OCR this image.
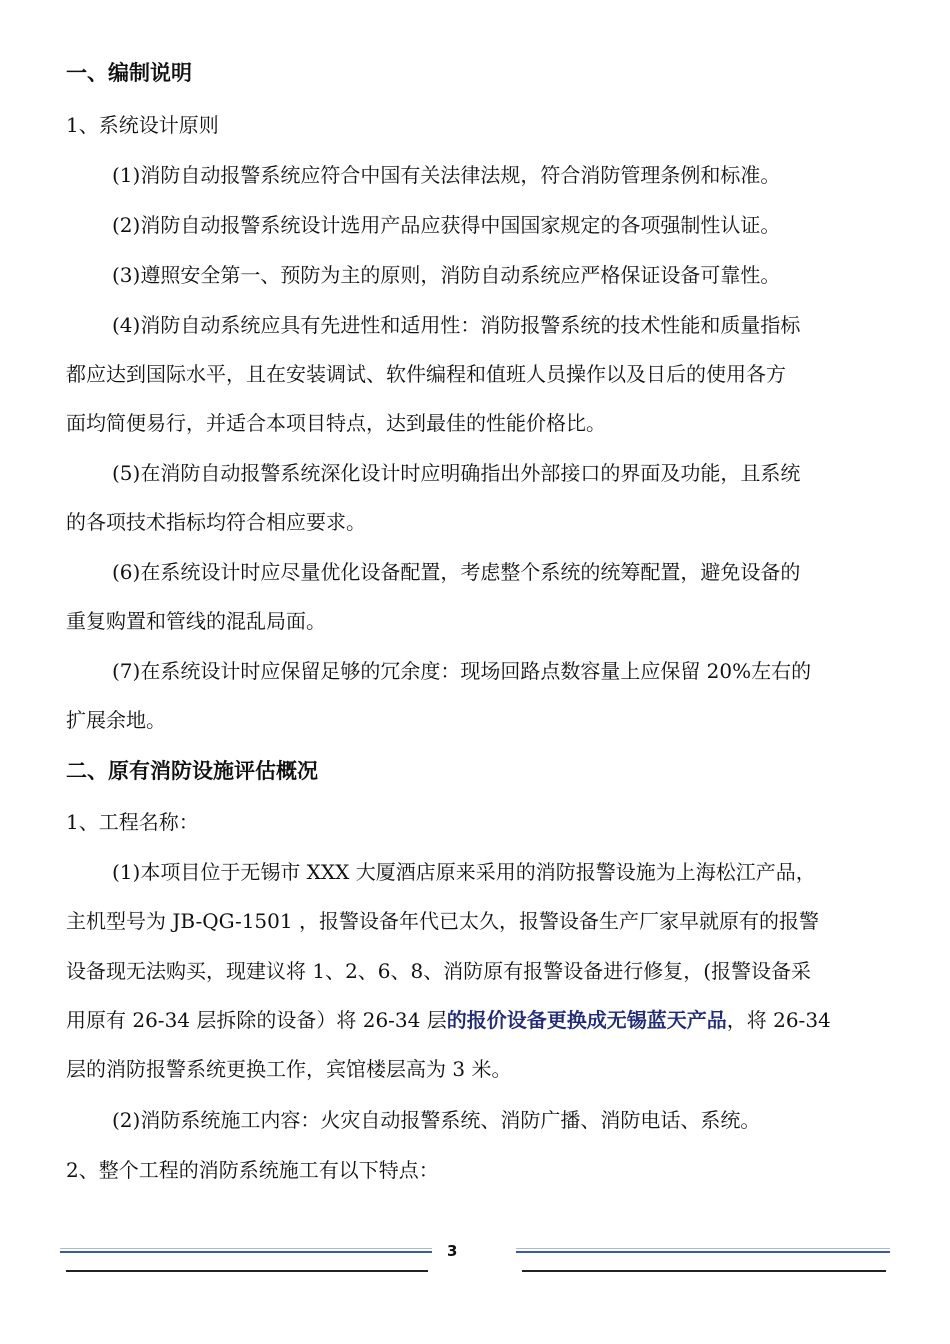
一、编制说明
1、系统设计原则
(1)消防自动报警系统应符合中国有关法律法规，符合消防管理条例和标准。
(2)消防自动报警系统设计选用产品应获得中国国家规定的各项强制性认证。
(3)遵照安全第一、预防为主的原则，消防自动系统应严格保证设备可靠性。
(4)消防自动系统应具有先进性和适用性：消防报警系统的技术性能和质量指标
都应达到国际水平，且在安装调试、软件编程和值班人员操作以及日后的使用各方
面均简便易行，并适合本项目特点，达到最佳的性能价格比。
(5)在消防自动报警系统深化设计时应明确指出外部接口的界面及功能，且系统
的各项技术指标均符合相应要求。
(6)在系统设计时应尽量优化设备配置，考虑整个系统的统筹配置，避免设备的
重复购置和管线的混乱局面。
(7)在系统设计时应保留足够的冗余度：现场回路点数容量上应保留 20%左右的
扩展余地。
二、原有消防设施评估概况
1、工程名称：
(1)本项目位于无锡市 XXX 大厦酒店原来采用的消防报警设施为上海松江产品，
主机型号为 JB-QG-1501 ，报警设备年代已太久，报警设备生产厂家早就原有的报警
设备现无法购买，现建议将 1、2、6、8、消防原有报警设备进行修复，(报警设备采
用原有 26-34 层拆除的设备）将 26-34 层的报价设备更换成无锡蓝天产品，将 26-34
层的消防报警系统更换工作，宾馆楼层高为 3 米。
(2)消防系统施工内容：火灾自动报警系统、消防广播、消防电话、系统。
2、整个工程的消防系统施工有以下特点：
3
